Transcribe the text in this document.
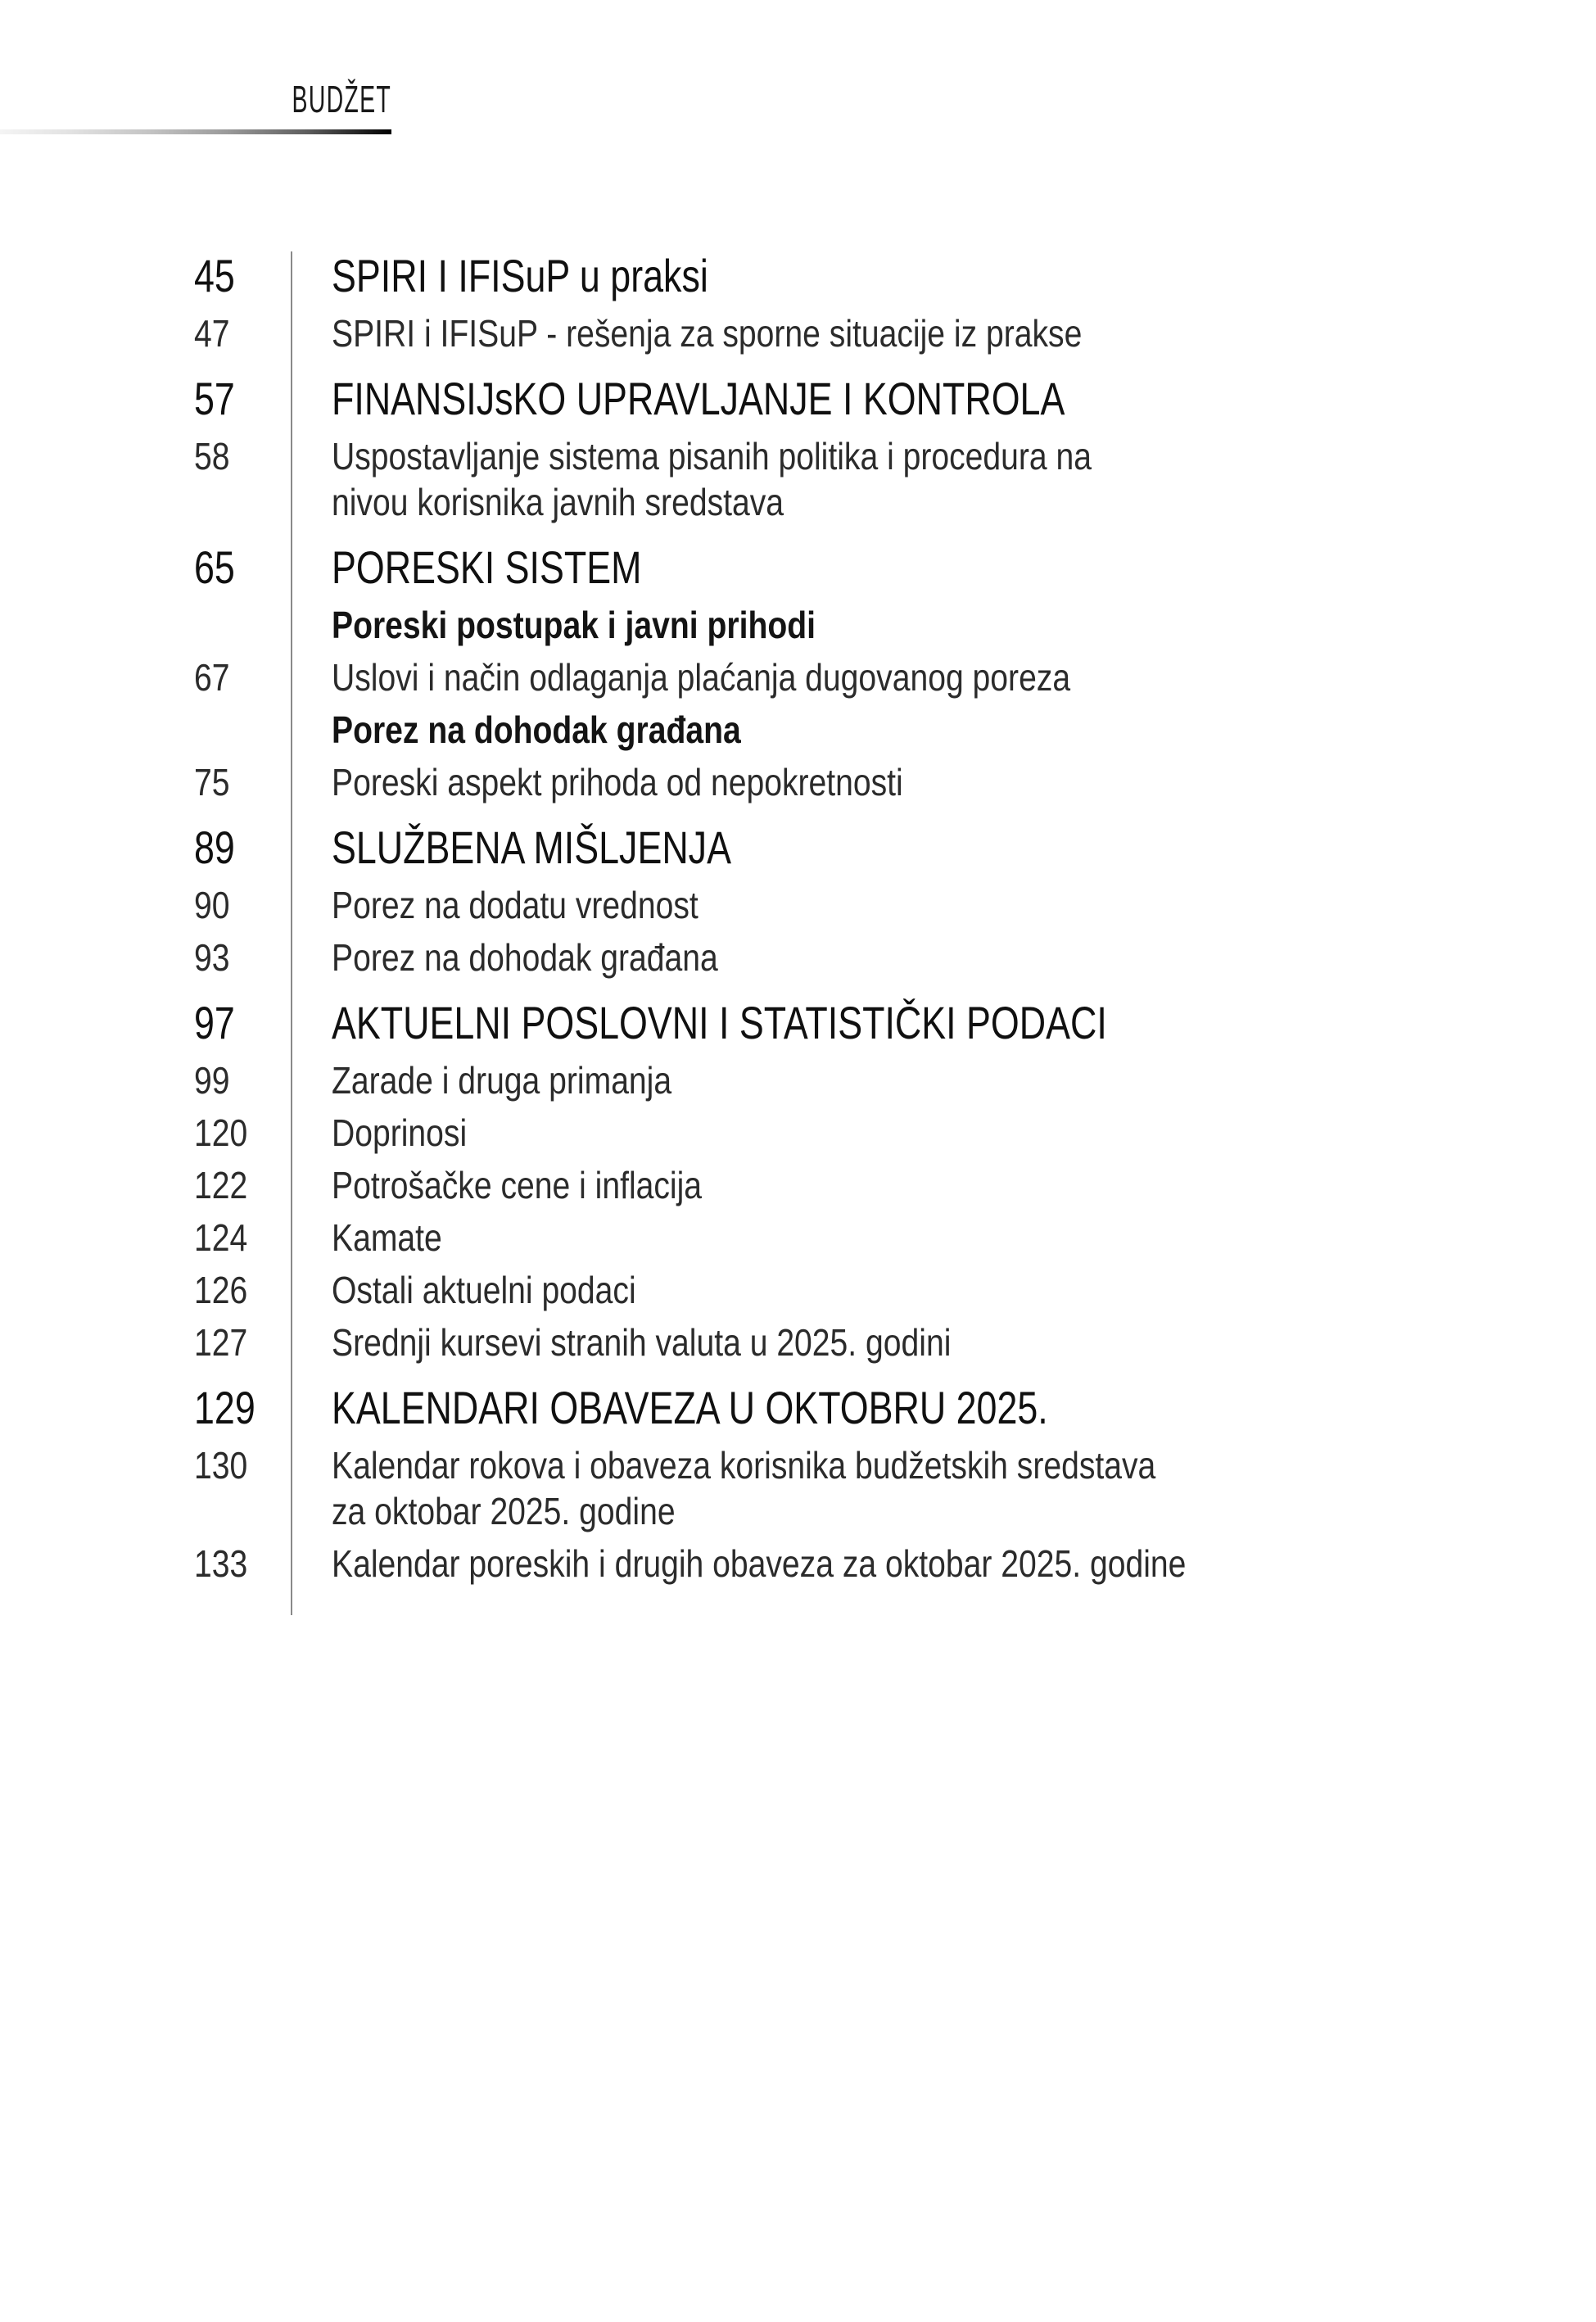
BUDŽET
45	SPIRI I IFISuP u praksi
47	SPIRI i IFISuP - rešenja za sporne situacije iz prakse
57	FINANSIJsKO UPRAVLJANJE I KONTROLA
58	Uspostavljanje sistema pisanih politika i procedura na
nivou korisnika javnih sredstava
65	PORESKI SISTEM
Poreski postupak i javni prihodi
67	Uslovi i način odlaganja plaćanja dugovanog poreza
Porez na dohodak građana
75	Poreski aspekt prihoda od nepokretnosti
89	SLUŽBENA MIŠLJENJA
90	Porez na dodatu vrednost
93	Porez na dohodak građana
97	AKTUELNI POSLOVNI I STATISTIČKI PODACI
99	Zarade i druga primanja
120	Doprinosi
122	Potrošačke cene i inflacija
124	Kamate
126	Ostali aktuelni podaci
127	Srednji kursevi stranih valuta u 2025. godini
129	KALENDARI OBAVEZA U OKTOBRU 2025.
130	Kalendar rokova i obaveza korisnika budžetskih sredstava
za oktobar 2025. godine
133	Kalendar poreskih i drugih obaveza za oktobar 2025. godine
